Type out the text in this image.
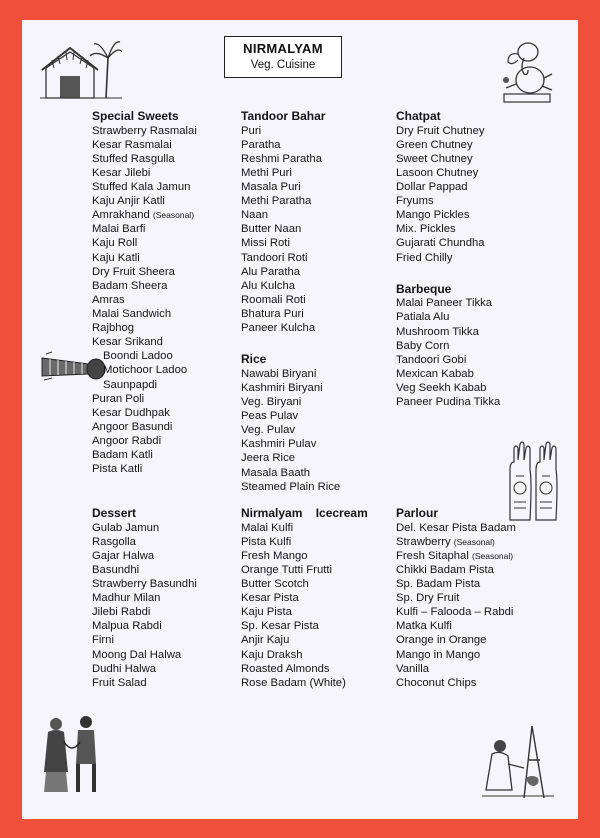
NIRMALYAM
Veg. Cuisine
Special Sweets
Strawberry Rasmalai
Kesar Rasmalai
Stuffed Rasgulla
Kesar Jilebi
Stuffed Kala Jamun
Kaju Anjir Katli
Amrakhand (Seasonal)
Malai Barfi
Kaju Roll
Kaju Katli
Dry Fruit Sheera
Badam Sheera
Amras
Malai Sandwich
Rajbhog
Kesar Srikand
Boondi Ladoo
Motichoor Ladoo
Saunpapdi
Puran Poli
Kesar Dudhpak
Angoor Basundi
Angoor Rabdi
Badam Katli
Pista Katli
Dessert
Gulab Jamun
Rasgolla
Gajar Halwa
Basundhi
Strawberry Basundhi
Madhur Milan
Jilebi Rabdi
Malpua Rabdi
Firni
Moong Dal Halwa
Dudhi Halwa
Fruit Salad
Tandoor Bahar
Puri
Paratha
Reshmi Paratha
Methi Puri
Masala Puri
Methi Paratha
Naan
Butter Naan
Missi Roti
Tandoori Roti
Alu Paratha
Alu Kulcha
Roomali Roti
Bhatura Puri
Paneer Kulcha
Rice
Nawabi Biryani
Kashmiri Biryani
Veg. Biryani
Peas Pulav
Veg. Pulav
Kashmiri Pulav
Jeera Rice
Masala Baath
Steamed Plain Rice
Nirmalyam    Icecream
Malai Kulfi
Pista Kulfi
Fresh Mango
Orange Tutti Frutti
Butter Scotch
Kesar Pista
Kaju Pista
Sp. Kesar Pista
Anjir Kaju
Kaju Draksh
Roasted Almonds
Rose Badam (White)
Chatpat
Dry Fruit Chutney
Green Chutney
Sweet Chutney
Lasoon Chutney
Dollar Pappad
Fryums
Mango Pickles
Mix. Pickles
Gujarati Chundha
Fried Chilly
Barbeque
Malai Paneer Tikka
Patiala Alu
Mushroom Tikka
Baby Corn
Tandoori Gobi
Mexican Kabab
Veg Seekh Kabab
Paneer Pudina Tikka
Parlour
Del. Kesar Pista Badam
Strawberry (Seasonal)
Fresh Sitaphal (Seasonal)
Chikki Badam Pista
Sp. Badam Pista
Sp. Dry Fruit
Kulfi – Falooda – Rabdi
Matka Kulfi
Orange in Orange
Mango in Mango
Vanilla
Choconut Chips
